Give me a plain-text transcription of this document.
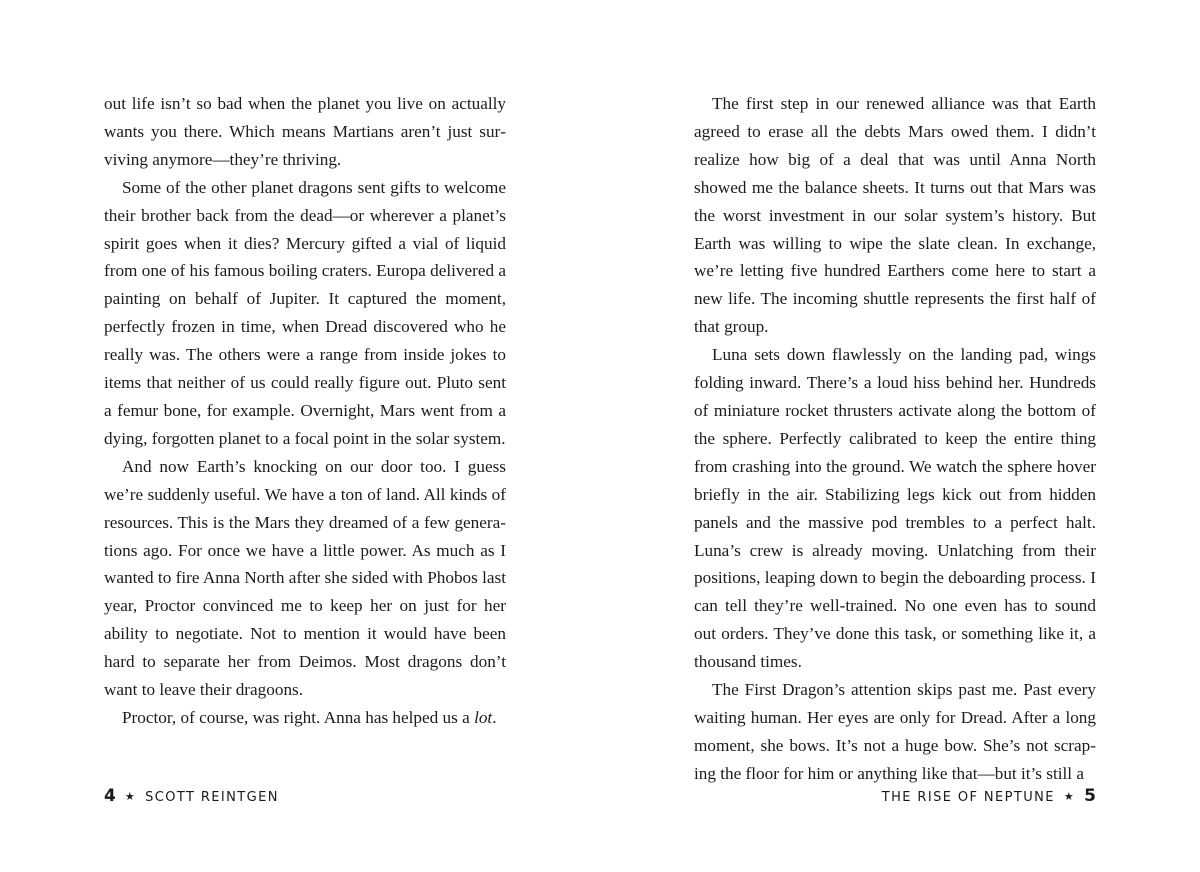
out life isn’t so bad when the planet you live on actually wants you there. Which means Martians aren’t just surviving anymore—they’re thriving.

Some of the other planet dragons sent gifts to welcome their brother back from the dead—or wherever a planet’s spirit goes when it dies? Mercury gifted a vial of liquid from one of his famous boiling craters. Europa delivered a painting on behalf of Jupiter. It captured the moment, perfectly frozen in time, when Dread discovered who he really was. The others were a range from inside jokes to items that neither of us could really figure out. Pluto sent a femur bone, for example. Overnight, Mars went from a dying, forgotten planet to a focal point in the solar system.

And now Earth’s knocking on our door too. I guess we’re suddenly useful. We have a ton of land. All kinds of resources. This is the Mars they dreamed of a few generations ago. For once we have a little power. As much as I wanted to fire Anna North after she sided with Phobos last year, Proctor convinced me to keep her on just for her ability to negotiate. Not to mention it would have been hard to separate her from Deimos. Most dragons don’t want to leave their dragoons.

Proctor, of course, was right. Anna has helped us a lot.

4 ★ SCOTT REINTGEN

The first step in our renewed alliance was that Earth agreed to erase all the debts Mars owed them. I didn’t realize how big of a deal that was until Anna North showed me the balance sheets. It turns out that Mars was the worst investment in our solar system’s history. But Earth was willing to wipe the slate clean. In exchange, we’re letting five hundred Earthers come here to start a new life. The incoming shuttle represents the first half of that group.

Luna sets down flawlessly on the landing pad, wings folding inward. There’s a loud hiss behind her. Hundreds of miniature rocket thrusters activate along the bottom of the sphere. Perfectly calibrated to keep the entire thing from crashing into the ground. We watch the sphere hover briefly in the air. Stabilizing legs kick out from hidden panels and the massive pod trembles to a perfect halt. Luna’s crew is already moving. Unlatching from their positions, leaping down to begin the deboarding process. I can tell they’re well-trained. No one even has to sound out orders. They’ve done this task, or something like it, a thousand times.

The First Dragon’s attention skips past me. Past every waiting human. Her eyes are only for Dread. After a long moment, she bows. It’s not a huge bow. She’s not scraping the floor for him or anything like that—but it’s still a

THE RISE OF NEPTUNE ★ 5
